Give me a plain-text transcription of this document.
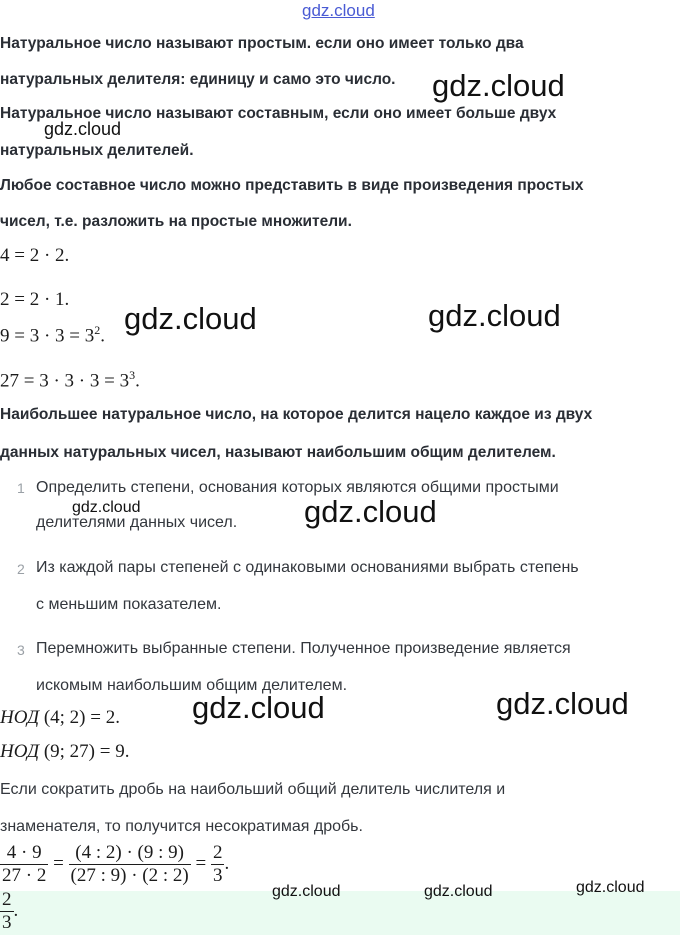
gdz.cloud
Натуральное число называют простым. если оно имеет только два
натуральных делителя: единицу и само это число.
Натуральное число называют составным, если оно имеет больше двух
натуральных делителей.
Любое составное число можно представить в виде произведения простых
чисел, т.е. разложить на простые множители.
4 = 2 · 2.
2 = 2 · 1.
$9 = 3 \cdot 3 = 3^2$.
$27 = 3 \cdot 3 \cdot 3 = 3^3$.
Наибольшее натуральное число, на которое делится нацело каждое из двух
данных натуральных чисел, называют наибольшим общим делителем.
1 Определить степени, основания которых являются общими простыми
делителями данных чисел.
2 Из каждой пары степеней с одинаковыми основаниями выбрать степень
с меньшим показателем.
3 Перемножить выбранные степени. Полученное произведение является
искомым наибольшим общим делителем.
НОД (4; 2) = 2.
НОД (9; 27) = 9.
Если сократить дробь на наибольший общий делитель числителя и
знаменателя, то получится несократимая дробь.
$\frac{4 \cdot 9}{27 \cdot 2} = \frac{(4 : 2) \cdot (9 : 9)}{(27 : 9) \cdot (2 : 2)} = \frac{2}{3}$ .
$\frac{2}{3}$ .
gdz.cloud
gdz.cloud
gdz.cloud	gdz.cloud
gdz.cloud	gdz.cloud
gdz.cloud	gdz.cloud
gdz.cloud	gdz.cloud	gdz.cloud
